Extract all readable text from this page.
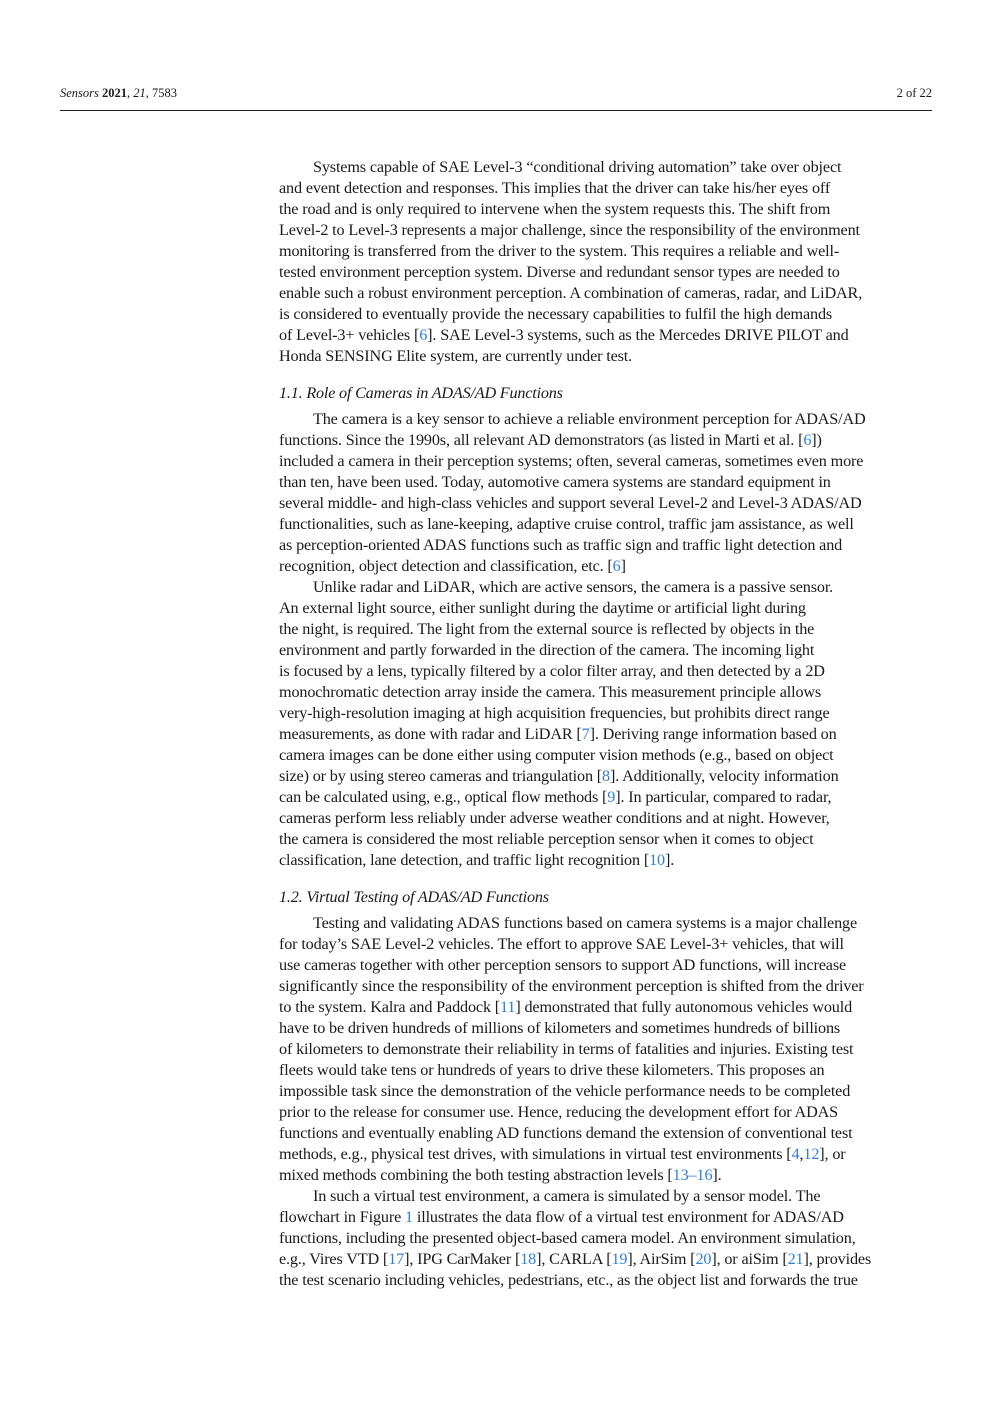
Sensors 2021, 21, 7583	2 of 22
Systems capable of SAE Level-3 “conditional driving automation” take over object
and event detection and responses. This implies that the driver can take his/her eyes off
the road and is only required to intervene when the system requests this. The shift from
Level-2 to Level-3 represents a major challenge, since the responsibility of the environment
monitoring is transferred from the driver to the system. This requires a reliable and well-
tested environment perception system. Diverse and redundant sensor types are needed to
enable such a robust environment perception. A combination of cameras, radar, and LiDAR,
is considered to eventually provide the necessary capabilities to fulfil the high demands
of Level-3+ vehicles [6]. SAE Level-3 systems, such as the Mercedes DRIVE PILOT and
Honda SENSING Elite system, are currently under test.
1.1. Role of Cameras in ADAS/AD Functions
The camera is a key sensor to achieve a reliable environment perception for ADAS/AD
functions. Since the 1990s, all relevant AD demonstrators (as listed in Marti et al. [6])
included a camera in their perception systems; often, several cameras, sometimes even more
than ten, have been used. Today, automotive camera systems are standard equipment in
several middle- and high-class vehicles and support several Level-2 and Level-3 ADAS/AD
functionalities, such as lane-keeping, adaptive cruise control, traffic jam assistance, as well
as perception-oriented ADAS functions such as traffic sign and traffic light detection and
recognition, object detection and classification, etc. [6]
Unlike radar and LiDAR, which are active sensors, the camera is a passive sensor.
An external light source, either sunlight during the daytime or artificial light during
the night, is required. The light from the external source is reflected by objects in the
environment and partly forwarded in the direction of the camera. The incoming light
is focused by a lens, typically filtered by a color filter array, and then detected by a 2D
monochromatic detection array inside the camera. This measurement principle allows
very-high-resolution imaging at high acquisition frequencies, but prohibits direct range
measurements, as done with radar and LiDAR [7]. Deriving range information based on
camera images can be done either using computer vision methods (e.g., based on object
size) or by using stereo cameras and triangulation [8]. Additionally, velocity information
can be calculated using, e.g., optical flow methods [9]. In particular, compared to radar,
cameras perform less reliably under adverse weather conditions and at night. However,
the camera is considered the most reliable perception sensor when it comes to object
classification, lane detection, and traffic light recognition [10].
1.2. Virtual Testing of ADAS/AD Functions
Testing and validating ADAS functions based on camera systems is a major challenge
for today’s SAE Level-2 vehicles. The effort to approve SAE Level-3+ vehicles, that will
use cameras together with other perception sensors to support AD functions, will increase
significantly since the responsibility of the environment perception is shifted from the driver
to the system. Kalra and Paddock [11] demonstrated that fully autonomous vehicles would
have to be driven hundreds of millions of kilometers and sometimes hundreds of billions
of kilometers to demonstrate their reliability in terms of fatalities and injuries. Existing test
fleets would take tens or hundreds of years to drive these kilometers. This proposes an
impossible task since the demonstration of the vehicle performance needs to be completed
prior to the release for consumer use. Hence, reducing the development effort for ADAS
functions and eventually enabling AD functions demand the extension of conventional test
methods, e.g., physical test drives, with simulations in virtual test environments [4,12], or
mixed methods combining the both testing abstraction levels [13–16].
In such a virtual test environment, a camera is simulated by a sensor model. The
flowchart in Figure 1 illustrates the data flow of a virtual test environment for ADAS/AD
functions, including the presented object-based camera model. An environment simulation,
e.g., Vires VTD [17], IPG CarMaker [18], CARLA [19], AirSim [20], or aiSim [21], provides
the test scenario including vehicles, pedestrians, etc., as the object list and forwards the true
